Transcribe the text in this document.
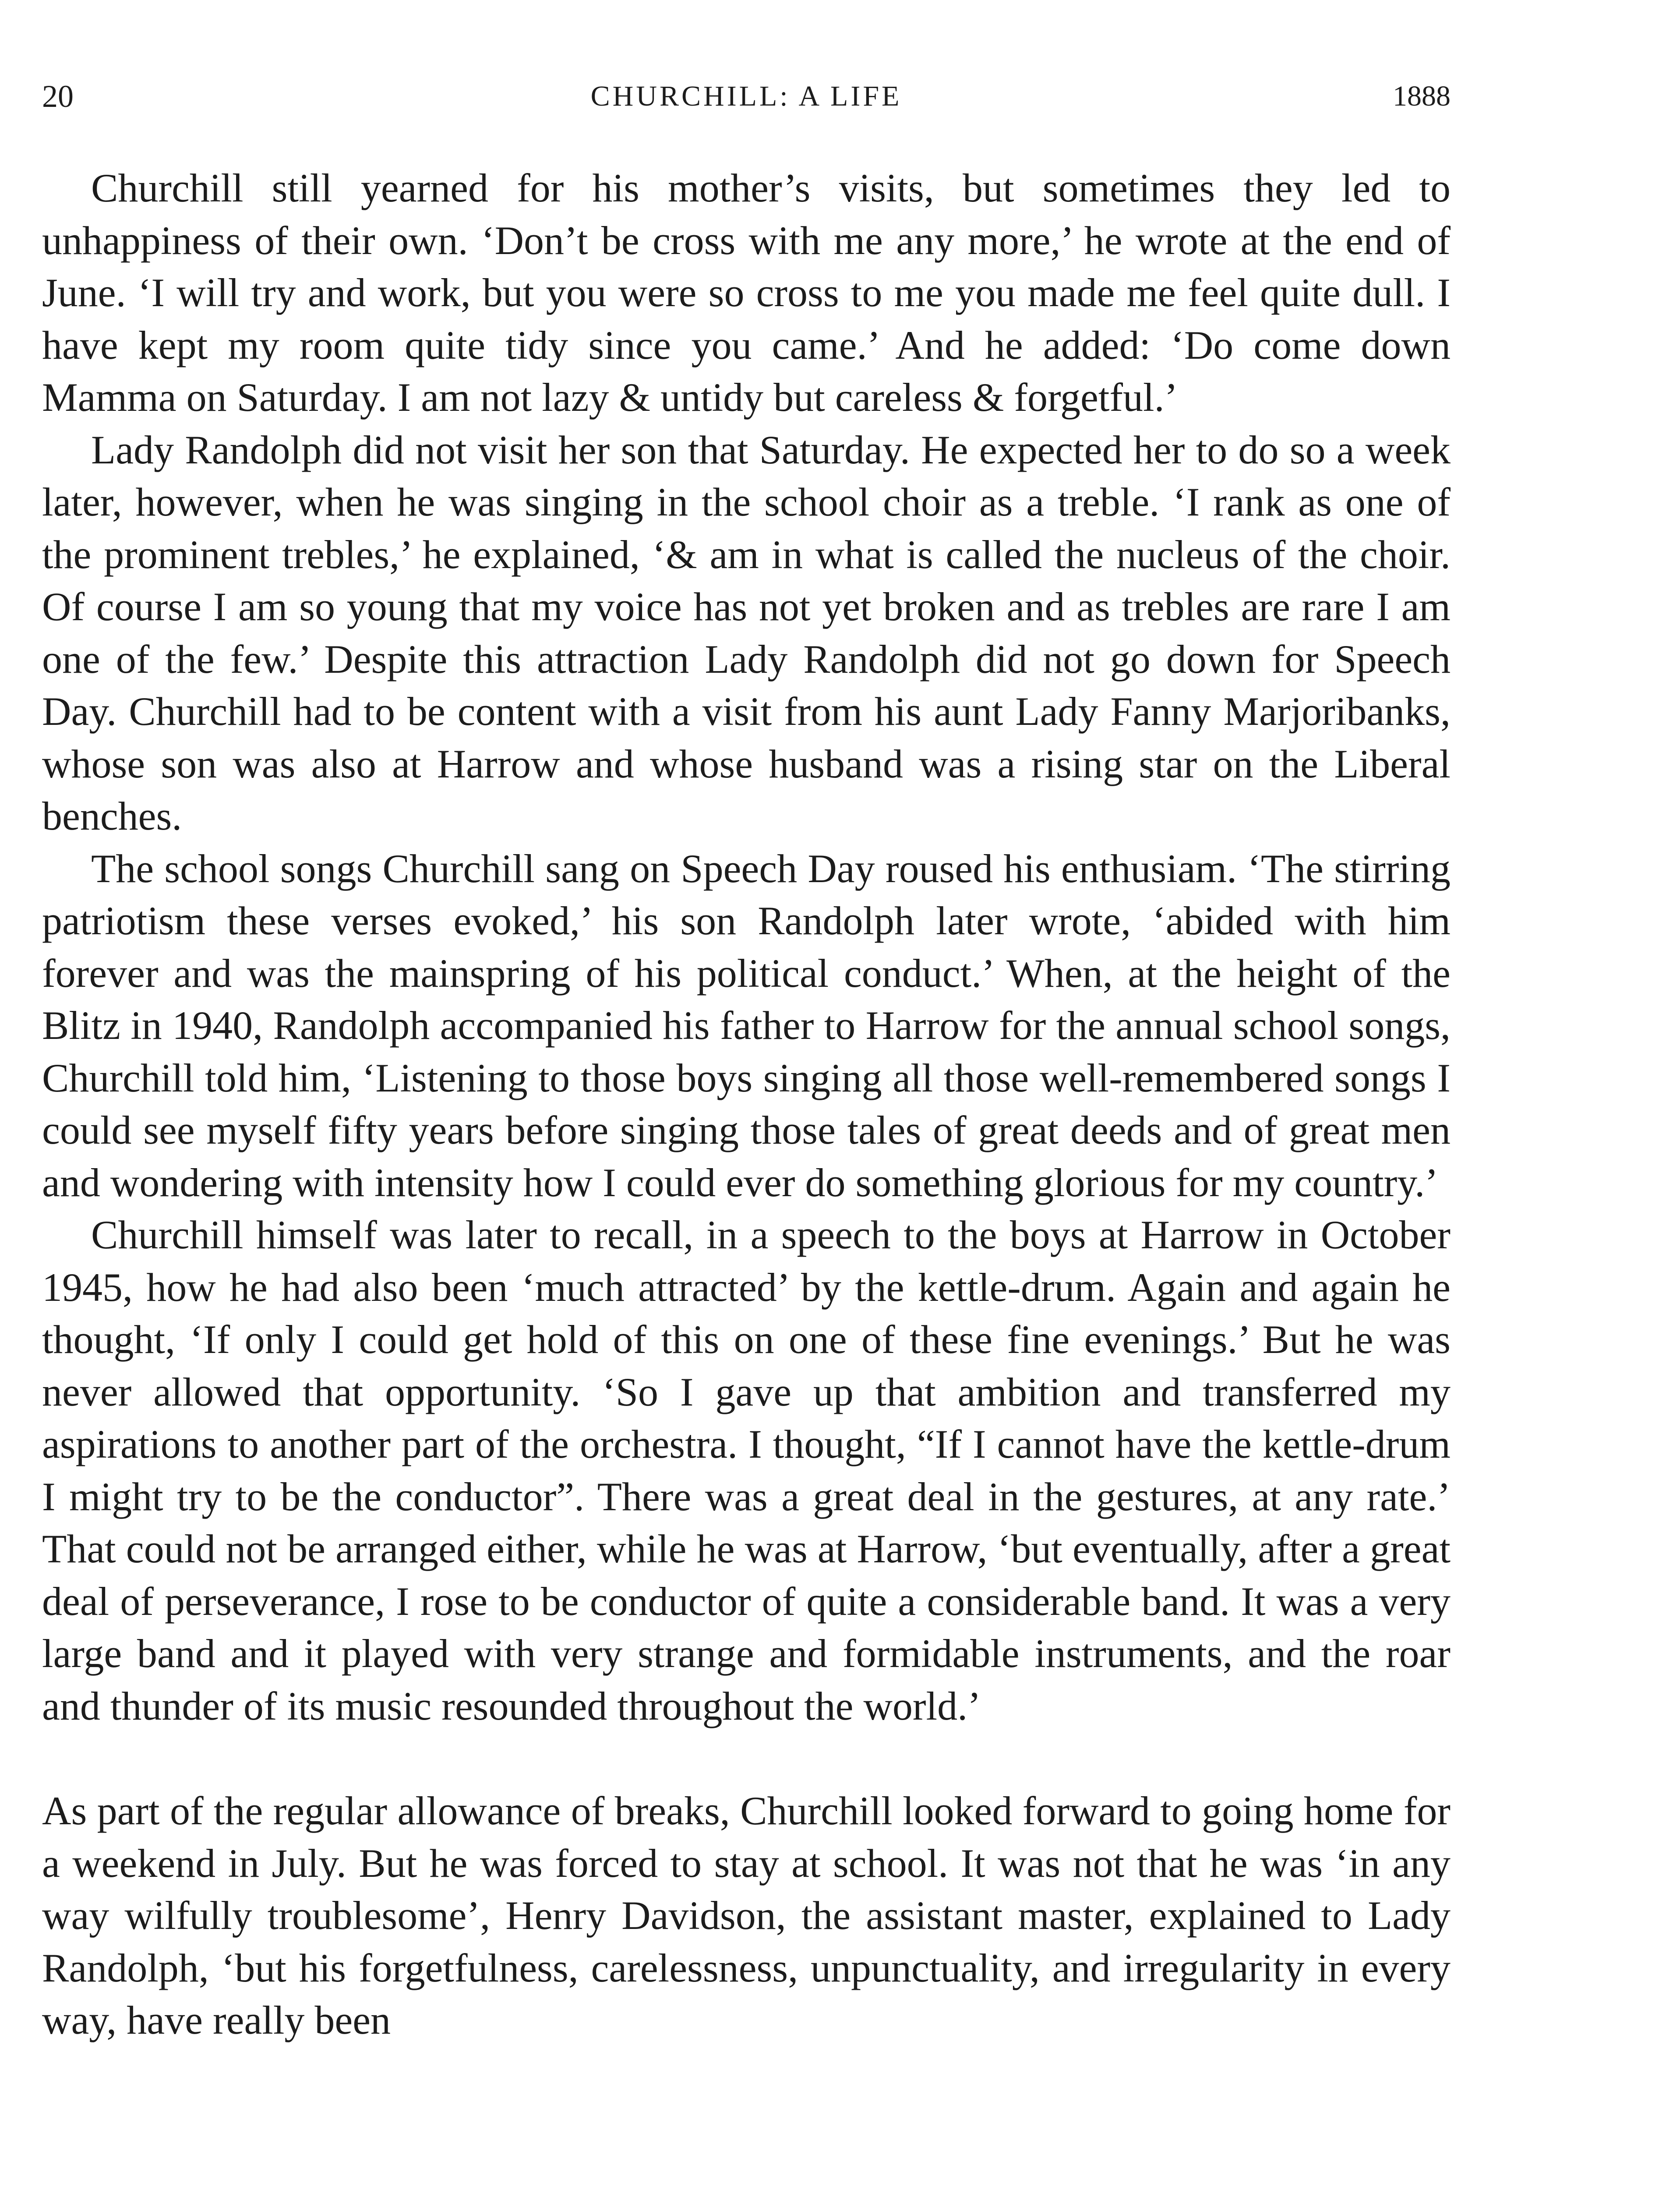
20	CHURCHILL: A LIFE	1888

Churchill still yearned for his mother’s visits, but sometimes they led to unhappiness of their own. ‘Don’t be cross with me any more,’ he wrote at the end of June. ‘I will try and work, but you were so cross to me you made me feel quite dull. I have kept my room quite tidy since you came.’ And he added: ‘Do come down Mamma on Saturday. I am not lazy & untidy but careless & forgetful.’

Lady Randolph did not visit her son that Saturday. He expected her to do so a week later, however, when he was singing in the school choir as a treble. ‘I rank as one of the prominent trebles,’ he explained, ‘& am in what is called the nucleus of the choir. Of course I am so young that my voice has not yet broken and as trebles are rare I am one of the few.’ Despite this attraction Lady Randolph did not go down for Speech Day. Churchill had to be content with a visit from his aunt Lady Fanny Marjoribanks, whose son was also at Harrow and whose husband was a rising star on the Liberal benches.

The school songs Churchill sang on Speech Day roused his enthusiam. ‘The stirring patriotism these verses evoked,’ his son Randolph later wrote, ‘abided with him forever and was the mainspring of his political conduct.’ When, at the height of the Blitz in 1940, Randolph accompanied his father to Harrow for the annual school songs, Churchill told him, ‘Listening to those boys singing all those well-remembered songs I could see myself fifty years before singing those tales of great deeds and of great men and wondering with intensity how I could ever do something glorious for my country.’

Churchill himself was later to recall, in a speech to the boys at Harrow in October 1945, how he had also been ‘much attracted’ by the kettle-drum. Again and again he thought, ‘If only I could get hold of this on one of these fine evenings.’ But he was never allowed that opportunity. ‘So I gave up that ambition and transferred my aspirations to another part of the orchestra. I thought, “If I cannot have the kettle-drum I might try to be the conductor”. There was a great deal in the gestures, at any rate.’ That could not be arranged either, while he was at Harrow, ‘but eventually, after a great deal of perseverance, I rose to be conductor of quite a considerable band. It was a very large band and it played with very strange and formidable instruments, and the roar and thunder of its music resounded throughout the world.’

As part of the regular allowance of breaks, Churchill looked forward to going home for a weekend in July. But he was forced to stay at school. It was not that he was ‘in any way wilfully troublesome’, Henry Davidson, the assistant master, explained to Lady Randolph, ‘but his forgetfulness, carelessness, unpunctuality, and irregularity in every way, have really been
